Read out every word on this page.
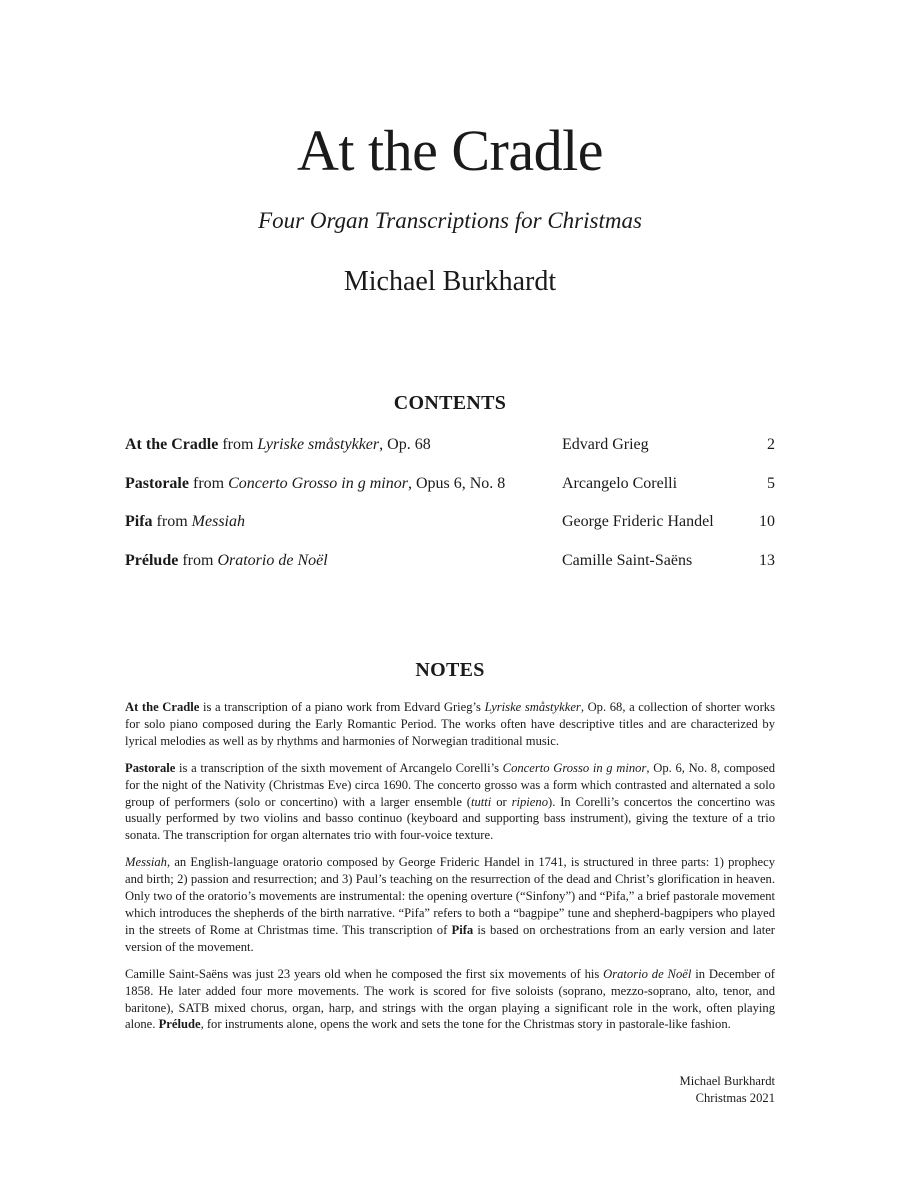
At the Cradle
Four Organ Transcriptions for Christmas
Michael Burkhardt
CONTENTS
At the Cradle from Lyriske småstykker, Op. 68	Edvard Grieg	2
Pastorale from Concerto Grosso in g minor, Opus 6, No. 8	Arcangelo Corelli	5
Pifa from Messiah	George Frideric Handel	10
Prélude from Oratorio de Noël	Camille Saint-Saëns	13
NOTES

At the Cradle is a transcription of a piano work from Edvard Grieg’s Lyriske småstykker, Op. 68, a collection of shorter works for solo piano composed during the Early Romantic Period. The works often have descriptive titles and are characterized by lyrical melodies as well as by rhythms and harmonies of Norwegian traditional music.

Pastorale is a transcription of the sixth movement of Arcangelo Corelli’s Concerto Grosso in g minor, Op. 6, No. 8, composed for the night of the Nativity (Christmas Eve) circa 1690. The concerto grosso was a form which contrasted and alternated a solo group of performers (solo or concertino) with a larger ensemble (tutti or ripieno). In Corelli’s concertos the concertino was usually performed by two violins and basso continuo (keyboard and supporting bass instrument), giving the texture of a trio sonata. The transcription for organ alternates trio with four-voice texture.

Messiah, an English-language oratorio composed by George Frideric Handel in 1741, is structured in three parts: 1) prophecy and birth; 2) passion and resurrection; and 3) Paul’s teaching on the resurrection of the dead and Christ’s glorification in heaven. Only two of the oratorio’s movements are instrumental: the opening overture (“Sinfony”) and “Pifa,” a brief pastorale movement which introduces the shepherds of the birth narrative. “Pifa” refers to both a “bagpipe” tune and shepherd-bagpipers who played in the streets of Rome at Christmas time. This transcription of Pifa is based on orchestrations from an early version and later version of the movement.

Camille Saint-Saëns was just 23 years old when he composed the first six movements of his Oratorio de Noël in December of 1858. He later added four more movements. The work is scored for five soloists (soprano, mezzo-soprano, alto, tenor, and baritone), SATB mixed chorus, organ, harp, and strings with the organ playing a significant role in the work, often playing alone. Prélude, for instruments alone, opens the work and sets the tone for the Christmas story in pastorale-like fashion.

Michael Burkhardt
Christmas 2021
